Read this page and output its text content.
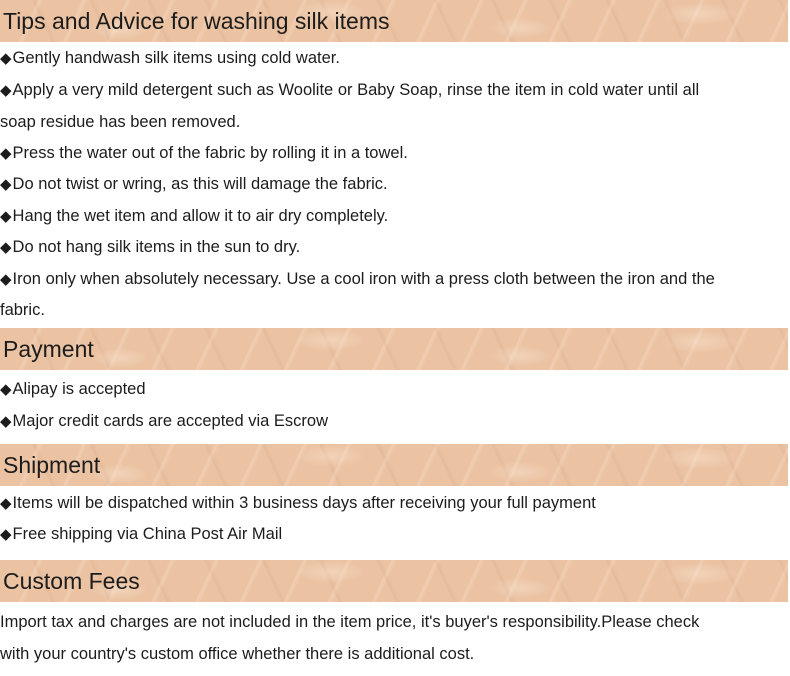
Tips and Advice for washing silk items
◆Gently handwash silk items using cold water.
◆Apply a very mild detergent such as Woolite or Baby Soap, rinse the item in cold water until all
soap residue has been removed.
◆Press the water out of the fabric by rolling it in a towel.
◆Do not twist or wring, as this will damage the fabric.
◆Hang the wet item and allow it to air dry completely.
◆Do not hang silk items in the sun to dry.
◆Iron only when absolutely necessary. Use a cool iron with a press cloth between the iron and the
fabric.
Payment
◆Alipay is accepted
◆Major credit cards are accepted via Escrow
Shipment
◆Items will be dispatched within 3 business days after receiving your full payment
◆Free shipping via China Post Air Mail
Custom Fees
Import tax and charges are not included in the item price, it's buyer's responsibility.Please check
with your country's custom office whether there is additional cost.
